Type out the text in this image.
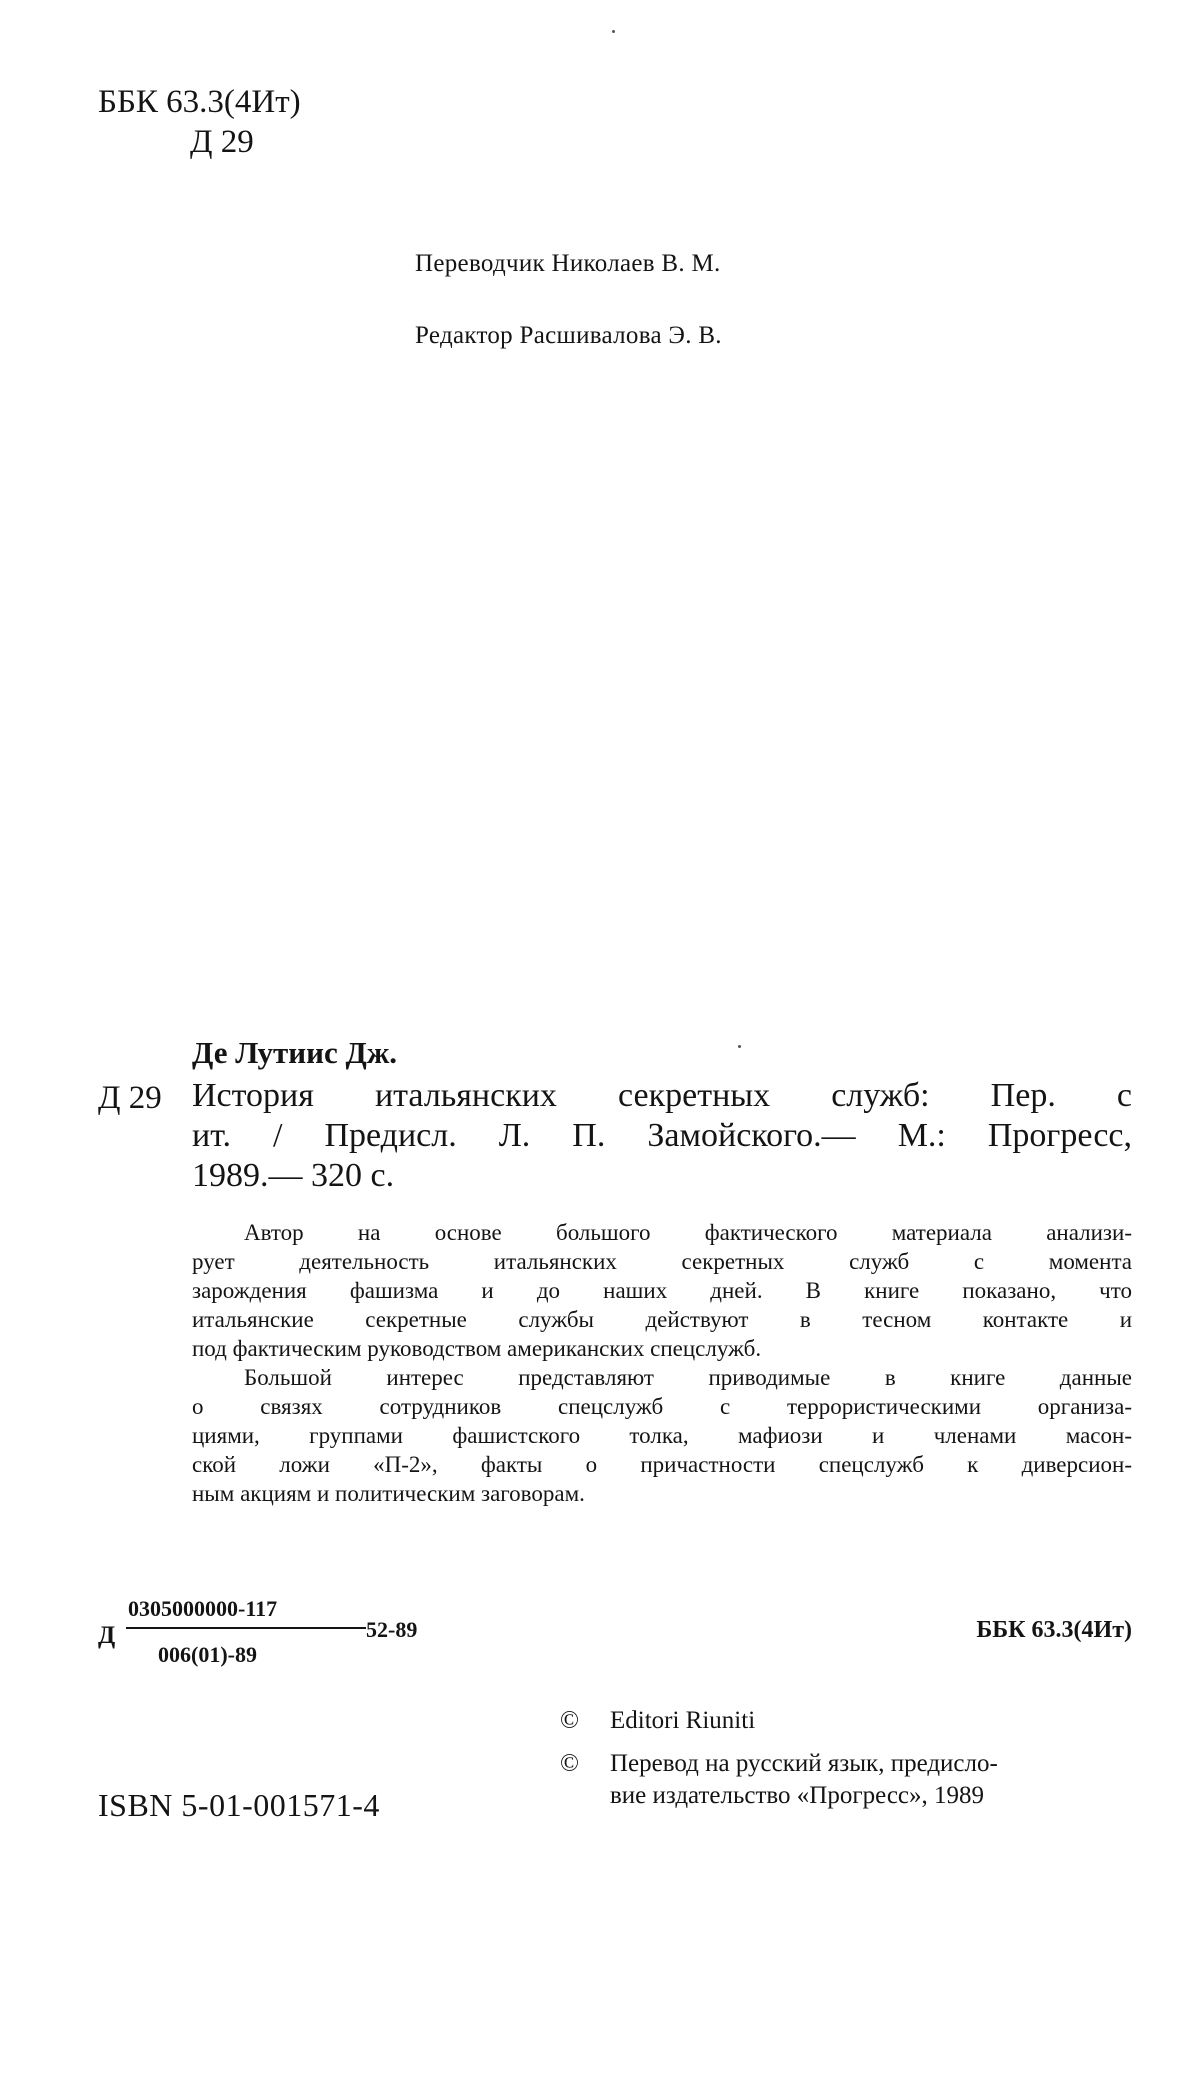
ББК 63.3(4Ит)
Д 29
Переводчик Николаев В. М.
Редактор Расшивалова Э. В.
Де Лутиис Дж.
Д 29 История итальянских секретных служб: Пер. с
ит. / Предисл. Л. П. Замойского.— М.: Прогресс,
1989.— 320 с.
Автор на основе большого фактического материала анализи-
рует деятельность итальянских секретных служб с момента
зарождения фашизма и до наших дней. В книге показано, что
итальянские секретные службы действуют в тесном контакте и
под фактическим руководством американских спецслужб.
Большой интерес представляют приводимые в книге данные
о связях сотрудников спецслужб с террористическими организа-
циями, группами фашистского толка, мафиози и членами масон-
ской ложи «П-2», факты о причастности спецслужб к диверсион-
ным акциям и политическим заговорам.
Д
0305000000-117
52-89
006(01)-89
ББК 63.3(4Ит)
© Editori Riuniti
© Перевод на русский язык, предисло-
вие издательство «Прогресс», 1989
ISBN 5-01-001571-4
